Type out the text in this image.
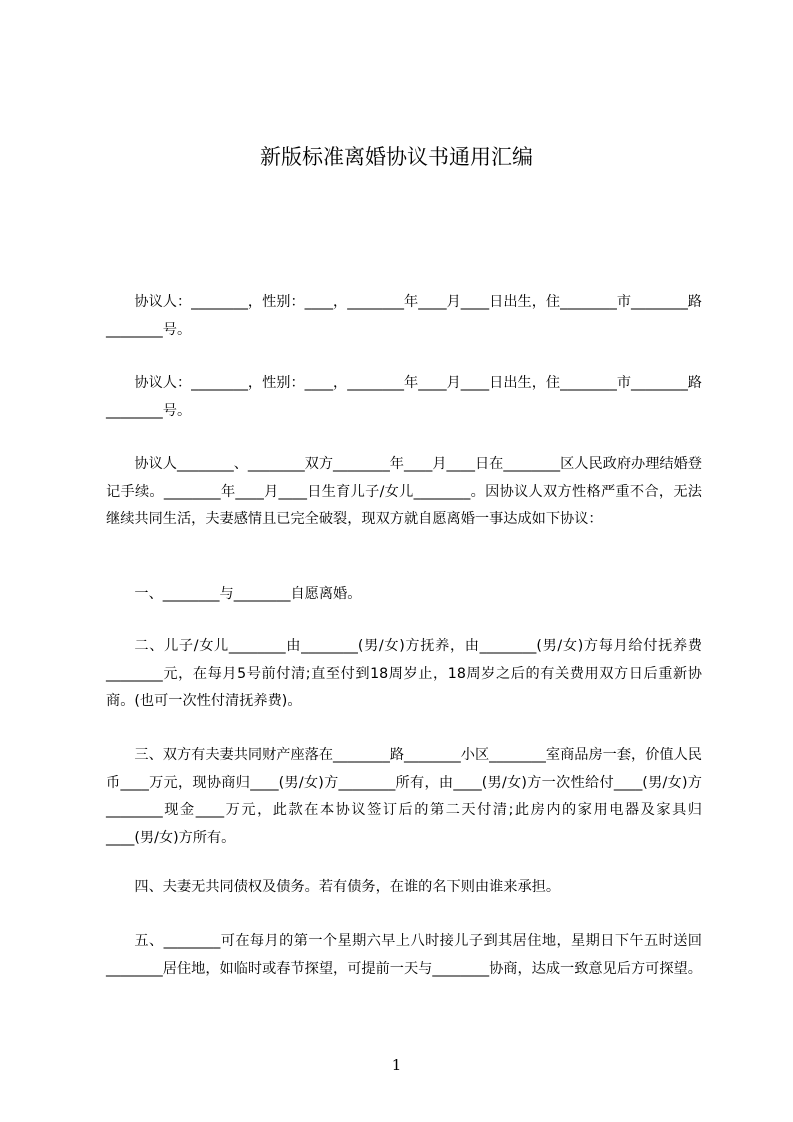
新版标准离婚协议书通用汇编
协议人：________，性别：____，________年____月____日出生，住________市________路________号。
协议人：________，性别：____，________年____月____日出生，住________市________路________号。
协议人________、________双方________年____月____日在________区人民政府办理结婚登记手续。________年____月____日生育儿子/女儿________。因协议人双方性格严重不合，无法继续共同生活，夫妻感情且已完全破裂，现双方就自愿离婚一事达成如下协议：
一、________与________自愿离婚。
二、儿子/女儿________由________(男/女)方抚养，由________(男/女)方每月给付抚养费________元，在每月5号前付清;直至付到18周岁止，18周岁之后的有关费用双方日后重新协商。(也可一次性付清抚养费)。
三、双方有夫妻共同财产座落在________路________小区________室商品房一套，价值人民币____万元，现协商归____(男/女)方________所有，由____(男/女)方一次性给付____(男/女)方________现金____万元，此款在本协议签订后的第二天付清;此房内的家用电器及家具归____(男/女)方所有。
四、夫妻无共同债权及债务。若有债务，在谁的名下则由谁来承担。
五、________可在每月的第一个星期六早上八时接儿子到其居住地，星期日下午五时送回________居住地，如临时或春节探望，可提前一天与________协商，达成一致意见后方可探望。
1
